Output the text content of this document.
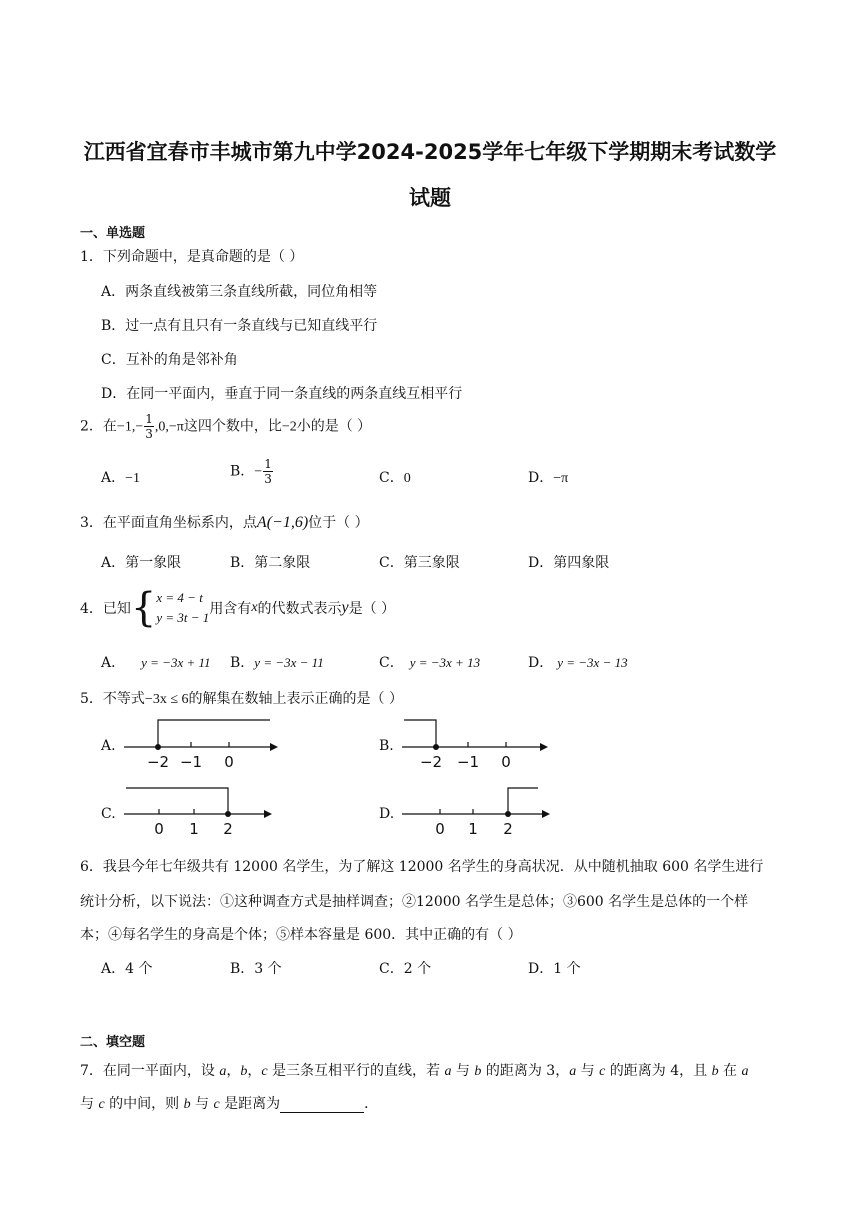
江西省宜春市丰城市第九中学2024-2025学年七年级下学期期末考试数学
试题
一、单选题
1．下列命题中，是真命题的是（ ）
A．两条直线被第三条直线所截，同位角相等
B．过一点有且只有一条直线与已知直线平行
C．互补的角是邻补角
D．在同一平面内，垂直于同一条直线的两条直线互相平行
2．在$-1,- \frac{1}{3} ,0,-\pi$这四个数中，比−2小的是（ ）
A．−1	B．− $\frac{1}{3}$	C．0	D．−π
3．在平面直角坐标系内，点A(−1,6)位于（ ）
A．第一象限	B．第二象限	C．第三象限	D．第四象限
4．已知{ x = 4 − t
y = 3t − 1
用含有x的代数式表示y是（ ）
A． y = −3x + 11 B．y = −3x − 11	C． y = −3x + 13	D． y = −3x − 13
5．不等式−3x ≤ 6的解集在数轴上表示正确的是（ ）
A.
−2 −1 0
B.
−2 −1 0
C.
0 1 2
D.
0 1 2
6．我县今年七年级共有 12000 名学生，为了解这 12000 名学生的身高状况．从中随机抽取 600 名学生进行
统计分析，以下说法：①这种调查方式是抽样调查；②12000 名学生是总体；③600 名学生是总体的一个样
本；④每名学生的身高是个体；⑤样本容量是 600．其中正确的有（ ）
A．4 个	B．3 个	C．2 个	D．1 个
二、填空题
7．在同一平面内，设 a，b，c 是三条互相平行的直线，若 a 与 b 的距离为 3，a 与 c 的距离为 4，且 b 在 a
与 c 的中间，则 b 与 c 是距离为	．
